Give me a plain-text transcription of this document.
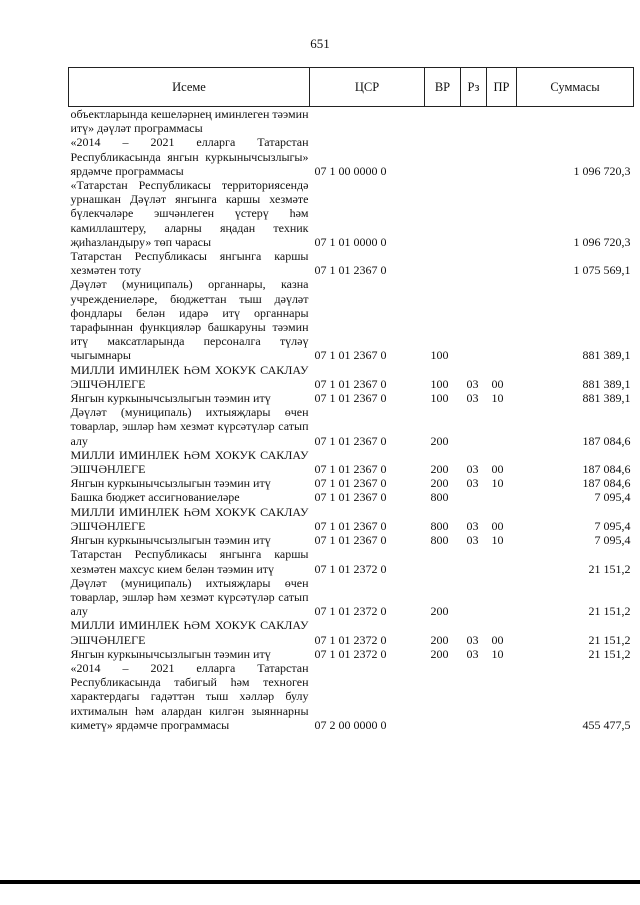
651
Исеме	ЦСР	ВР	Рз	ПР	Суммасы
объектларында кешеләрнең иминлеген тәэмин итү» дәүләт программасы					
«2014 – 2021 елларга Татарстан Республикасында янгын куркынычсызлыгы» ярдәмче программасы	07 1 00 0000 0				1 096 720,3
«Татарстан Республикасы территориясендә урнашкан Дәүләт янгынга каршы хезмәте бүлекчәләре эшчәнлеген үстерү һәм камиллаштеру, аларны яңадан техник җиһазландыру» төп чарасы	07 1 01 0000 0				1 096 720,3
Татарстан Республикасы янгынга каршы хезмәтен тоту	07 1 01 2367 0				1 075 569,1
Дәүләт (муниципаль) органнары, казна учреждениеләре, бюджеттан тыш дәүләт фондлары белән идарә итү органнары тарафыннан функцияләр башкаруны тәэмин итү максатларында персоналга түләү чыгымнары	07 1 01 2367 0	100			881 389,1
МИЛЛИ ИМИНЛЕК ҺӘМ ХОКУК САКЛАУ ЭШЧӘНЛЕГЕ	07 1 01 2367 0	100	03	00	881 389,1
Янгын куркынычсызлыгын тәэмин итү	07 1 01 2367 0	100	03	10	881 389,1
Дәүләт (муниципаль) ихтыяҗлары өчен товарлар, эшләр һәм хезмәт күрсәтүләр сатып алу	07 1 01 2367 0	200			187 084,6
МИЛЛИ ИМИНЛЕК ҺӘМ ХОКУК САКЛАУ ЭШЧӘНЛЕГЕ	07 1 01 2367 0	200	03	00	187 084,6
Янгын куркынычсызлыгын тәэмин итү	07 1 01 2367 0	200	03	10	187 084,6
Башка бюджет ассигнованиеләре	07 1 01 2367 0	800			7 095,4
МИЛЛИ ИМИНЛЕК ҺӘМ ХОКУК САКЛАУ ЭШЧӘНЛЕГЕ	07 1 01 2367 0	800	03	00	7 095,4
Янгын куркынычсызлыгын тәэмин итү	07 1 01 2367 0	800	03	10	7 095,4
Татарстан Республикасы янгынга каршы хезмәтен махсус кием белән тәэмин итү	07 1 01 2372 0				21 151,2
Дәүләт (муниципаль) ихтыяҗлары өчен товарлар, эшләр һәм хезмәт күрсәтүләр сатып алу	07 1 01 2372 0	200			21 151,2
МИЛЛИ ИМИНЛЕК ҺӘМ ХОКУК САКЛАУ ЭШЧӘНЛЕГЕ	07 1 01 2372 0	200	03	00	21 151,2
Янгын куркынычсызлыгын тәэмин итү	07 1 01 2372 0	200	03	10	21 151,2
«2014 – 2021 елларга Татарстан Республикасында табигый һәм техноген характердагы гадәттән тыш хәлләр булу ихтималын һәм алардан килгән зыяннарны киметү» ярдәмче программасы	07 2 00 0000 0				455 477,5
